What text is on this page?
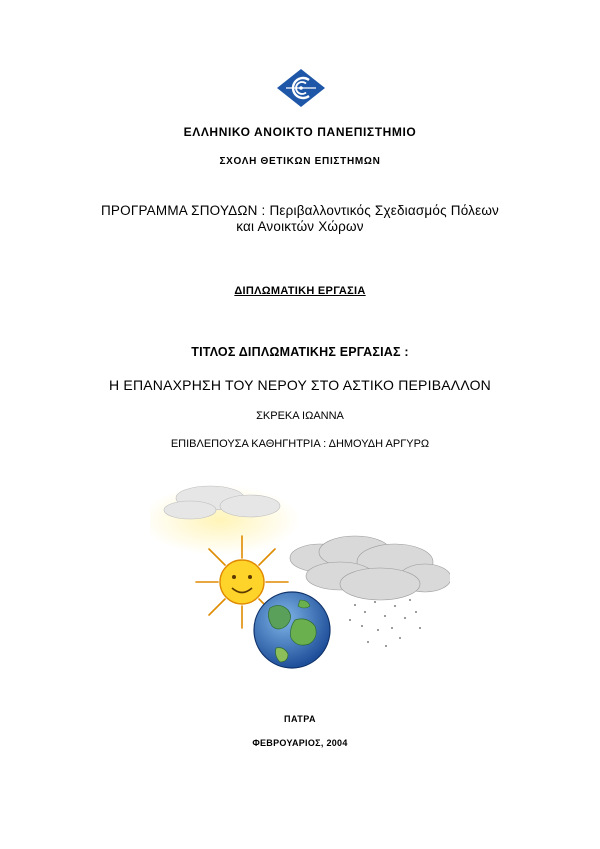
ΕΛΛΗΝΙΚΟ ΑΝΟΙΚΤΟ ΠΑΝΕΠΙΣΤΗΜΙΟ
ΣΧΟΛΗ ΘΕΤΙΚΩΝ ΕΠΙΣΤΗΜΩΝ
ΠΡΟΓΡΑΜΜΑ ΣΠΟΥΔΩΝ : Περιβαλλοντικός Σχεδιασμός Πόλεων
και Ανοικτών Χώρων
ΔΙΠΛΩΜΑΤΙΚΗ ΕΡΓΑΣΙΑ
ΤΙΤΛΟΣ ΔΙΠΛΩΜΑΤΙΚΗΣ ΕΡΓΑΣΙΑΣ :
Η ΕΠΑΝΑΧΡΗΣΗ ΤΟΥ ΝΕΡΟΥ ΣΤΟ ΑΣΤΙΚΟ ΠΕΡΙΒΑΛΛΟΝ
ΣΚΡΕΚΑ ΙΩΑΝΝΑ
ΕΠΙΒΛΕΠΟΥΣΑ ΚΑΘΗΓΗΤΡΙΑ : ΔΗΜΟΥΔΗ ΑΡΓΥΡΩ
ΠΑΤΡΑ
ΦΕΒΡΟΥΑΡΙΟΣ, 2004
